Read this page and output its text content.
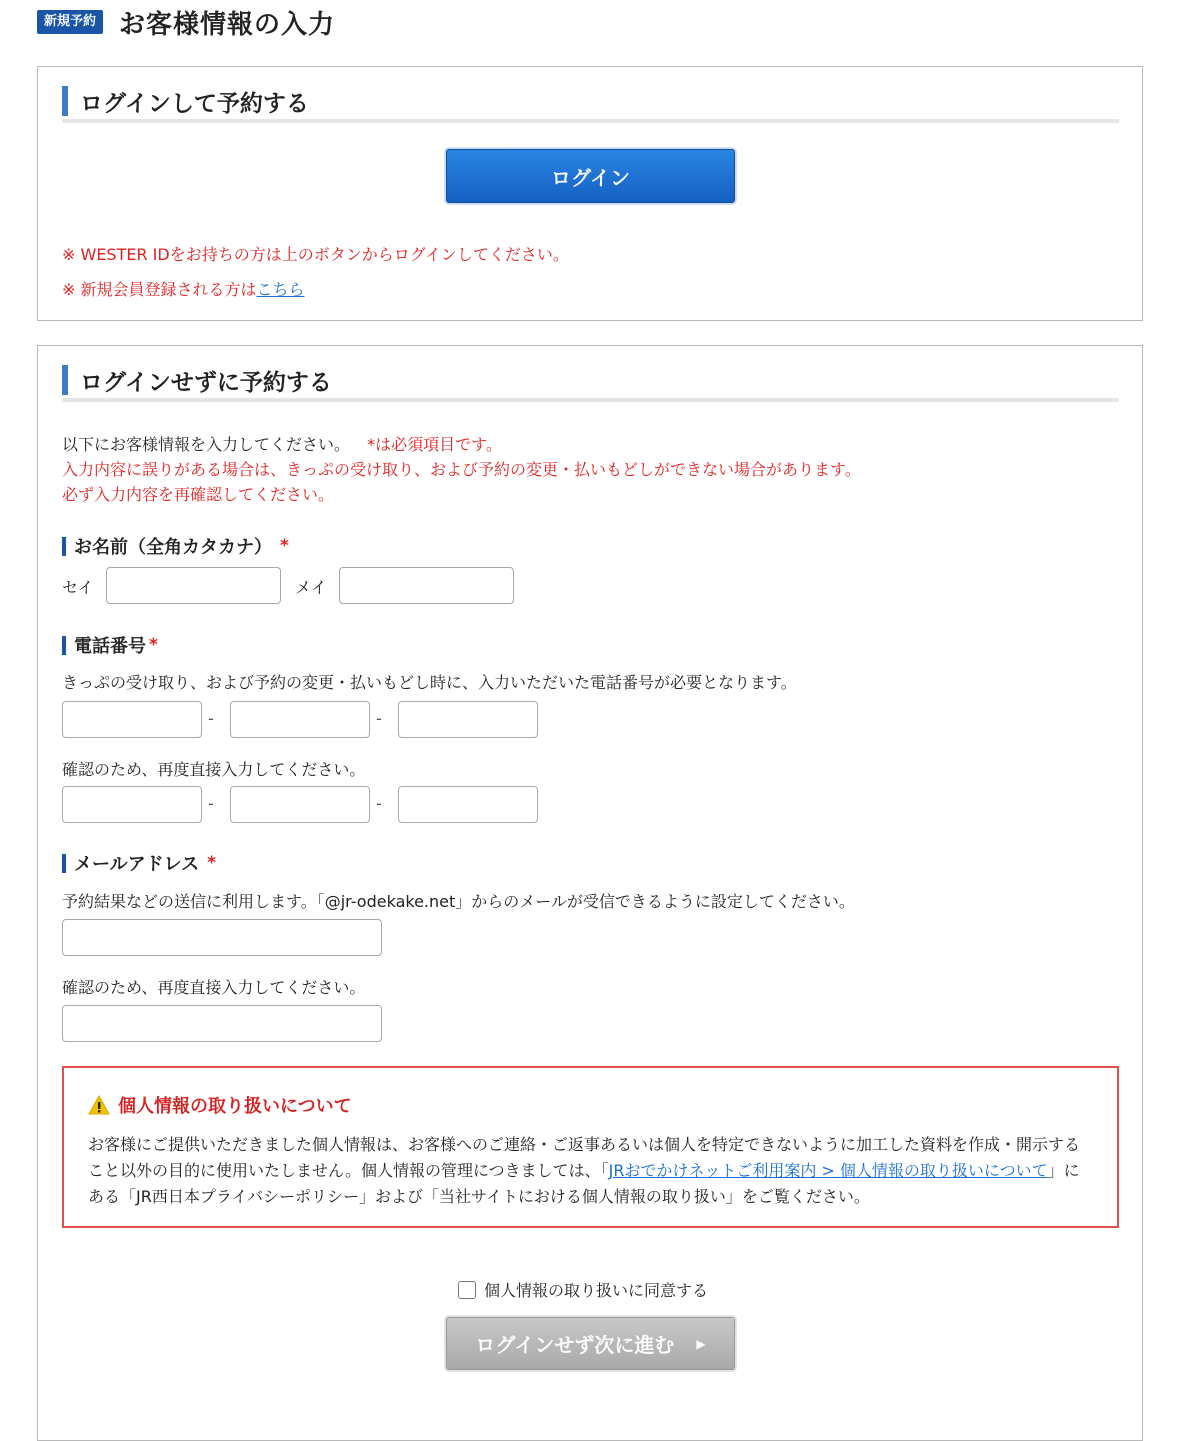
新規予約 お客様情報の入力
ログインして予約する
ログイン

※ WESTER IDをお持ちの方は上のボタンからログインしてください。

※ 新規会員登録される方はこちら

ログインせずに予約する
以下にお客様情報を入力してください。 *は必須項目です。
入力内容に誤りがある場合は、きっぷの受け取り、および予約の変更・払いもどしができない場合があります。
必ず入力内容を再確認してください。
お名前（全角カタカナ） *
セイ	メイ
電話番号 *

きっぷの受け取り、および予約の変更・払いもどし時に、入力いただいた電話番号が必要となります。

-	-

確認のため、再度直接入力してください。

-	-
メールアドレス *

予約結果などの送信に利用します。「@jr-odekake.net」からのメールが受信できるように設定してください。

確認のため、再度直接入力してください。

個人情報の取り扱いについて

お客様にご提供いただきました個人情報は、お客様へのご連絡・ご返事あるいは個人を特定できないように加工した資料を作成・開示すること以外の目的に使用いたしません。個人情報の管理につきましては、「JRおでかけネットご利用案内 > 個人情報の取り扱いについて」にある「JR西日本プライバシーポリシー」および「当社サイトにおける個人情報の取り扱い」をご覧ください。

個人情報の取り扱いに同意する
ログインせず次に進む ▶
